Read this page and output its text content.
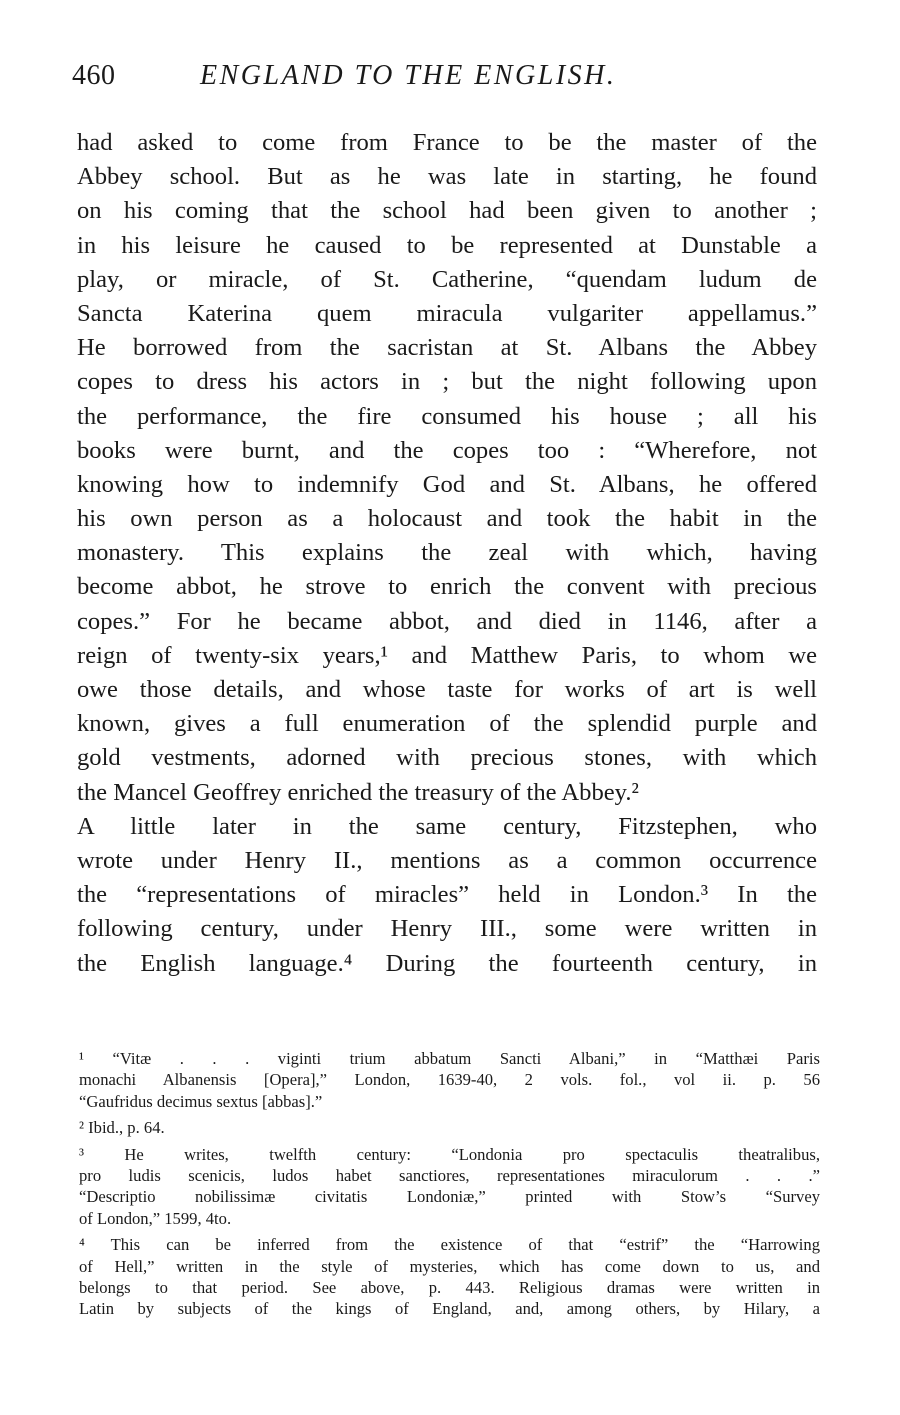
460	ENGLAND TO THE ENGLISH.
had asked to come from France to be the master of the
Abbey school. But as he was late in starting, he found
on his coming that the school had been given to another ;
in his leisure he caused to be represented at Dunstable a
play, or miracle, of St. Catherine, “quendam ludum de
Sancta Katerina quem miracula vulgariter appellamus.”
He borrowed from the sacristan at St. Albans the Abbey
copes to dress his actors in ; but the night following upon
the performance, the fire consumed his house ; all his
books were burnt, and the copes too : “Wherefore, not
knowing how to indemnify God and St. Albans, he offered
his own person as a holocaust and took the habit in the
monastery. This explains the zeal with which, having
become abbot, he strove to enrich the convent with precious
copes.” For he became abbot, and died in 1146, after a
reign of twenty-six years,¹ and Matthew Paris, to whom we
owe those details, and whose taste for works of art is well
known, gives a full enumeration of the splendid purple and
gold vestments, adorned with precious stones, with which
the Mancel Geoffrey enriched the treasury of the Abbey.²
A little later in the same century, Fitzstephen, who
wrote under Henry II., mentions as a common occurrence
the “representations of miracles” held in London.³ In the
following century, under Henry III., some were written in
the English language.⁴ During the fourteenth century, in
¹ “Vitæ . . . viginti trium abbatum Sancti Albani,” in “Matthæi Paris
monachi Albanensis [Opera],” London, 1639-40, 2 vols. fol., vol ii. p. 56
“Gaufridus decimus sextus [abbas].”
² Ibid., p. 64.
³ He writes, twelfth century: “Londonia pro spectaculis theatralibus,
pro ludis scenicis, ludos habet sanctiores, representationes miraculorum . . .”
“Descriptio nobilissimæ civitatis Londoniæ,” printed with Stow’s “Survey
of London,” 1599, 4to.
⁴ This can be inferred from the existence of that “estrif” the “Harrowing
of Hell,” written in the style of mysteries, which has come down to us, and
belongs to that period. See above, p. 443. Religious dramas were written in
Latin by subjects of the kings of England, and, among others, by Hilary, a
